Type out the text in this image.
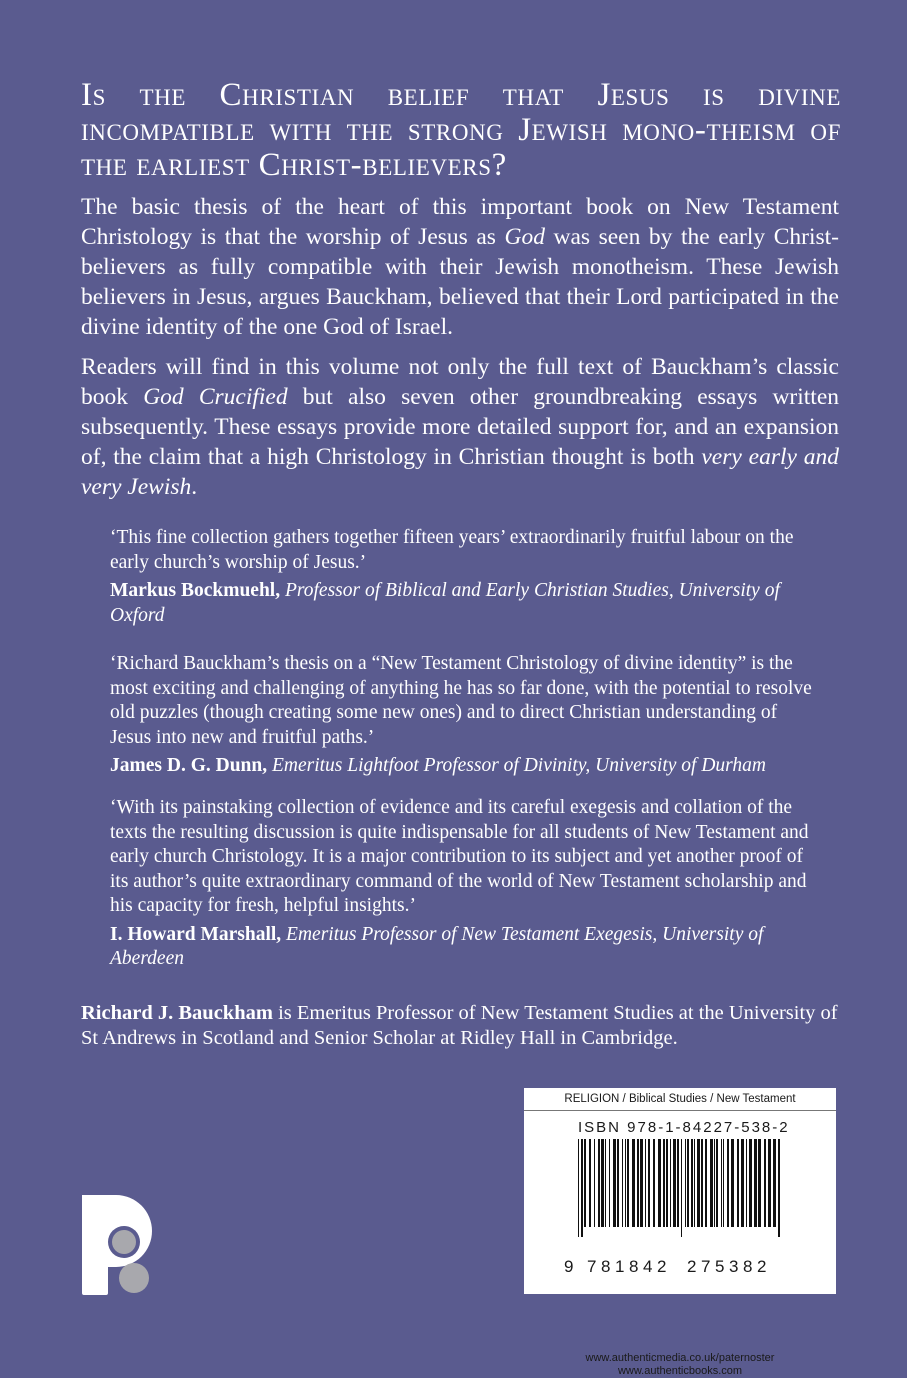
Is the Christian belief that Jesus is divine incompatible with the strong Jewish mono-theism of the earliest Christ-believers?
The basic thesis of the heart of this important book on New Testament Christology is that the worship of Jesus as God was seen by the early Christ-believers as fully compatible with their Jewish monotheism. These Jewish believers in Jesus, argues Bauckham, believed that their Lord participated in the divine identity of the one God of Israel.
Readers will find in this volume not only the full text of Bauckham’s classic book God Crucified but also seven other groundbreaking essays written subsequently. These essays provide more detailed support for, and an expansion of, the claim that a high Christology in Christian thought is both very early and very Jewish.
‘This fine collection gathers together fifteen years’ extraordinarily fruitful labour on the early church’s worship of Jesus.’
Markus Bockmuehl, Professor of Biblical and Early Christian Studies, University of Oxford
‘Richard Bauckham’s thesis on a “New Testament Christology of divine identity” is the most exciting and challenging of anything he has so far done, with the potential to resolve old puzzles (though creating some new ones) and to direct Christian understanding of Jesus into new and fruitful paths.’
James D. G. Dunn, Emeritus Lightfoot Professor of Divinity, University of Durham
‘With its painstaking collection of evidence and its careful exegesis and collation of the texts the resulting discussion is quite indispensable for all students of New Testament and early church Christology. It is a major contribution to its subject and yet another proof of its author’s quite extraordinary command of the world of New Testament scholarship and his capacity for fresh, helpful insights.’
I. Howard Marshall, Emeritus Professor of New Testament Exegesis, University of Aberdeen
Richard J. Bauckham is Emeritus Professor of New Testament Studies at the University of St Andrews in Scotland and Senior Scholar at Ridley Hall in Cambridge.
RELIGION / Biblical Studies / New Testament
ISBN 978-1-84227-538-2
9 7 8 1 8 4 2 2 7 5 3 8 2
www.authenticmedia.co.uk/paternoster
www.authenticbooks.com
